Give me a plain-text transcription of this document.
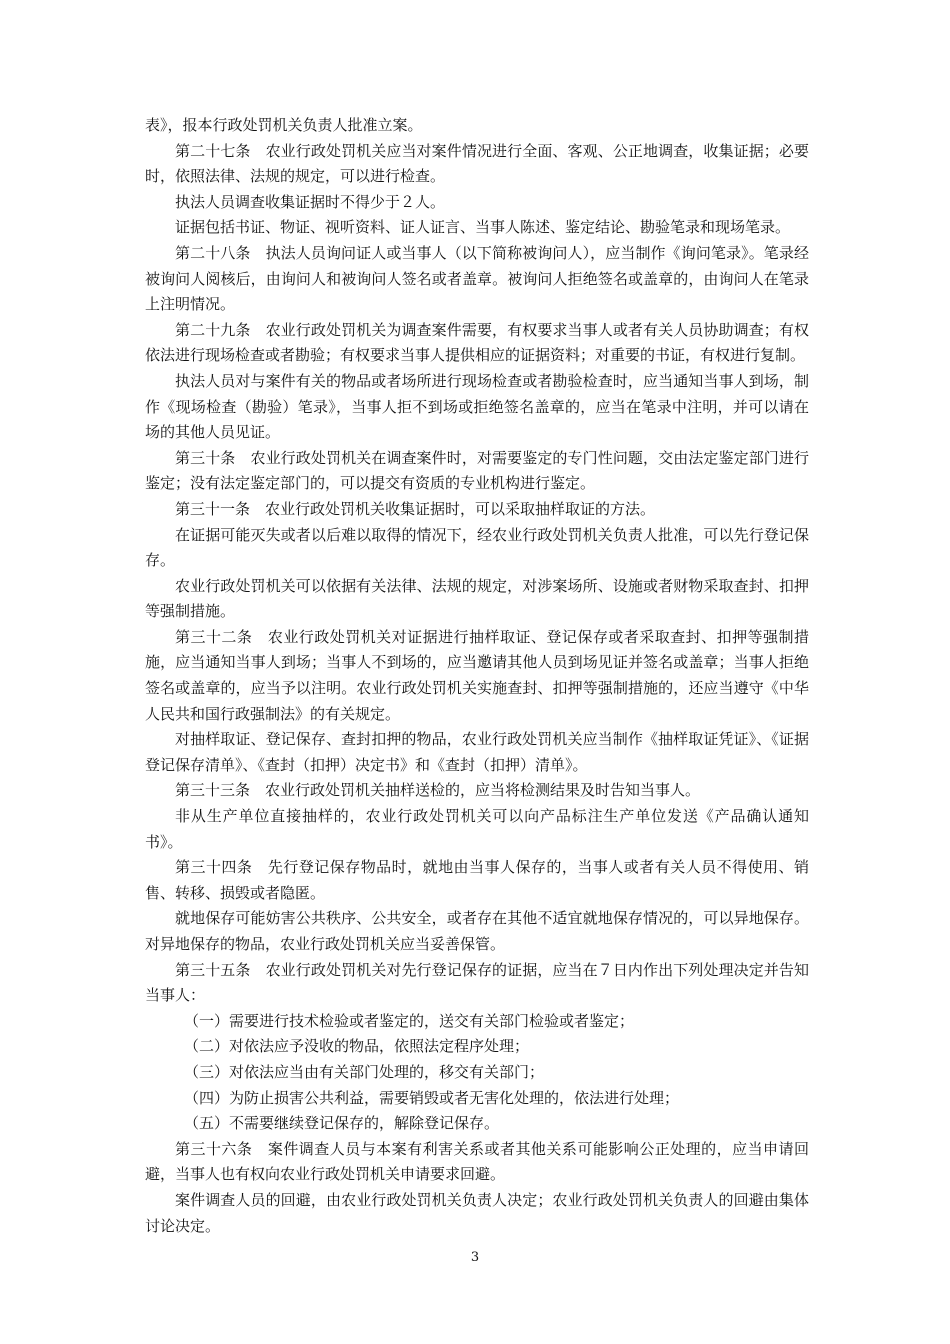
表》，报本行政处罚机关负责人批准立案。

第二十七条　农业行政处罚机关应当对案件情况进行全面、客观、公正地调查，收集证据；必要时，依照法律、法规的规定，可以进行检查。

执法人员调查收集证据时不得少于２人。

证据包括书证、物证、视听资料、证人证言、当事人陈述、鉴定结论、勘验笔录和现场笔录。

第二十八条　执法人员询问证人或当事人（以下简称被询问人），应当制作《询问笔录》。笔录经被询问人阅核后，由询问人和被询问人签名或者盖章。被询问人拒绝签名或盖章的，由询问人在笔录上注明情况。

第二十九条　农业行政处罚机关为调查案件需要，有权要求当事人或者有关人员协助调查；有权依法进行现场检查或者勘验；有权要求当事人提供相应的证据资料；对重要的书证，有权进行复制。

执法人员对与案件有关的物品或者场所进行现场检查或者勘验检查时，应当通知当事人到场，制作《现场检查（勘验）笔录》，当事人拒不到场或拒绝签名盖章的，应当在笔录中注明，并可以请在场的其他人员见证。

第三十条　农业行政处罚机关在调查案件时，对需要鉴定的专门性问题，交由法定鉴定部门进行鉴定；没有法定鉴定部门的，可以提交有资质的专业机构进行鉴定。

第三十一条　农业行政处罚机关收集证据时，可以采取抽样取证的方法。

在证据可能灭失或者以后难以取得的情况下，经农业行政处罚机关负责人批准，可以先行登记保存。

农业行政处罚机关可以依据有关法律、法规的规定，对涉案场所、设施或者财物采取查封、扣押等强制措施。

第三十二条　农业行政处罚机关对证据进行抽样取证、登记保存或者采取查封、扣押等强制措施，应当通知当事人到场；当事人不到场的，应当邀请其他人员到场见证并签名或盖章；当事人拒绝签名或盖章的，应当予以注明。农业行政处罚机关实施查封、扣押等强制措施的，还应当遵守《中华人民共和国行政强制法》的有关规定。

对抽样取证、登记保存、查封扣押的物品，农业行政处罚机关应当制作《抽样取证凭证》、《证据登记保存清单》、《查封（扣押）决定书》和《查封（扣押）清单》。

第三十三条　农业行政处罚机关抽样送检的，应当将检测结果及时告知当事人。

非从生产单位直接抽样的，农业行政处罚机关可以向产品标注生产单位发送《产品确认通知书》。

第三十四条　先行登记保存物品时，就地由当事人保存的，当事人或者有关人员不得使用、销售、转移、损毁或者隐匿。

就地保存可能妨害公共秩序、公共安全，或者存在其他不适宜就地保存情况的，可以异地保存。对异地保存的物品，农业行政处罚机关应当妥善保管。

第三十五条　农业行政处罚机关对先行登记保存的证据，应当在７日内作出下列处理决定并告知当事人：

（一）需要进行技术检验或者鉴定的，送交有关部门检验或者鉴定；

（二）对依法应予没收的物品，依照法定程序处理；

（三）对依法应当由有关部门处理的，移交有关部门；

（四）为防止损害公共利益，需要销毁或者无害化处理的，依法进行处理；

（五）不需要继续登记保存的，解除登记保存。

第三十六条　案件调查人员与本案有利害关系或者其他关系可能影响公正处理的，应当申请回避，当事人也有权向农业行政处罚机关申请要求回避。

案件调查人员的回避，由农业行政处罚机关负责人决定；农业行政处罚机关负责人的回避由集体讨论决定。

3
